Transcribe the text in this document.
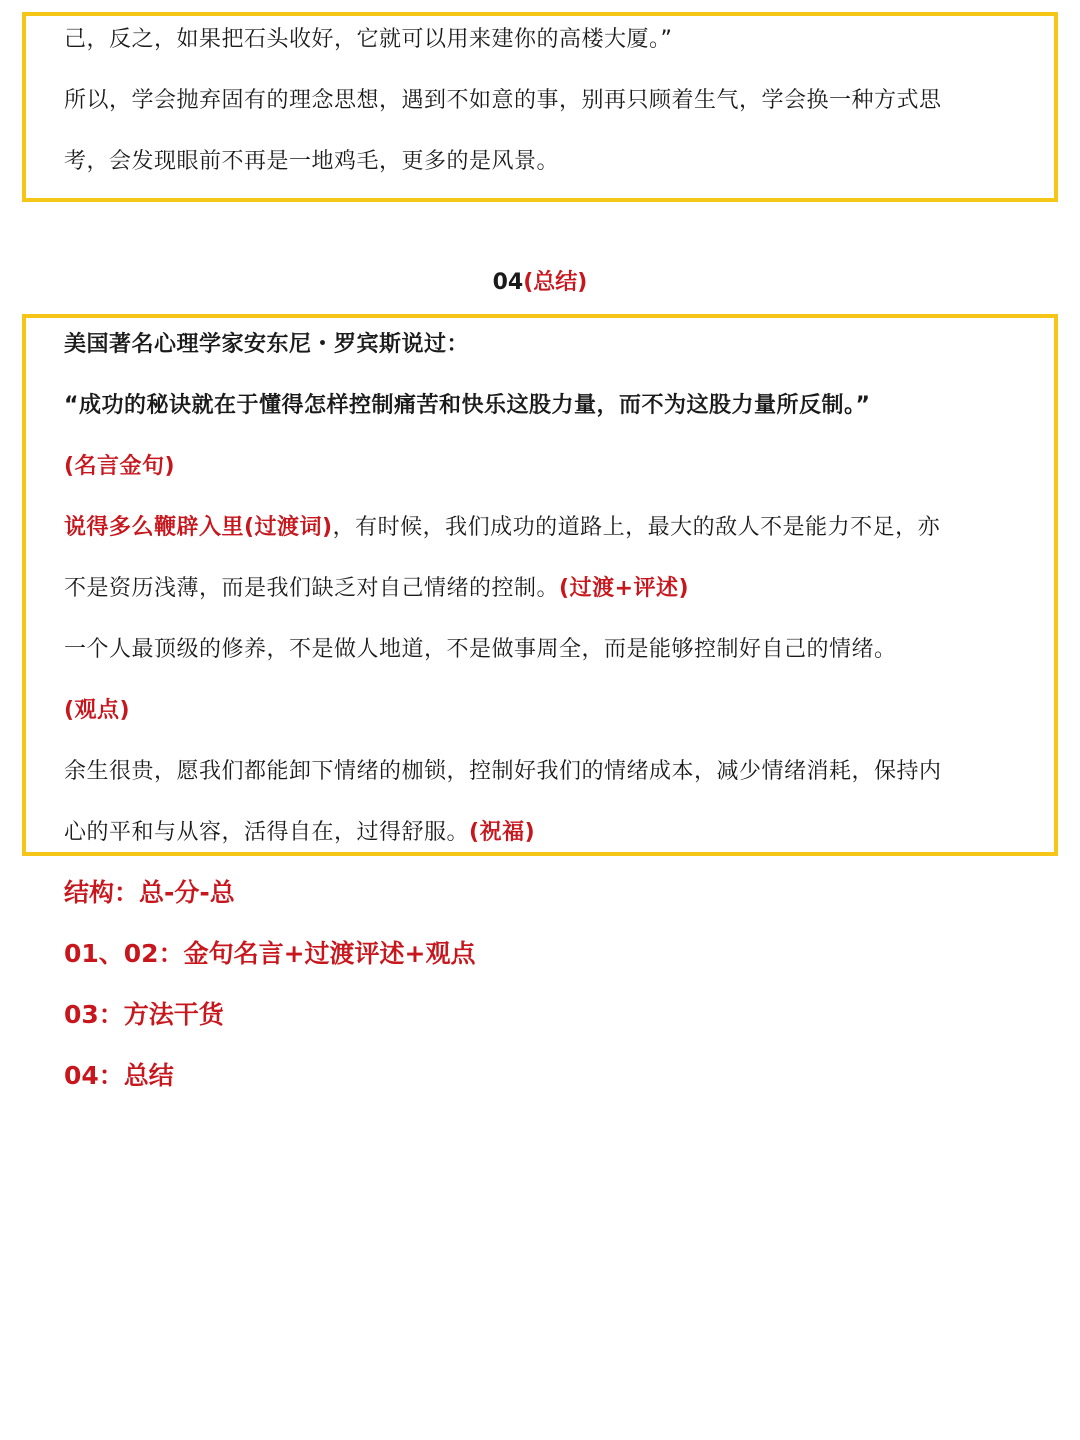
己，反之，如果把石头收好，它就可以用来建你的高楼大厦。”
所以，学会抛弃固有的理念思想，遇到不如意的事，别再只顾着生气，学会换一种方式思
考，会发现眼前不再是一地鸡毛，更多的是风景。
04(总结)
美国著名心理学家安东尼・罗宾斯说过：
“成功的秘诀就在于懂得怎样控制痛苦和快乐这股力量，而不为这股力量所反制。”
(名言金句)
说得多么鞭辟入里(过渡词)，有时候，我们成功的道路上，最大的敌人不是能力不足，亦
不是资历浅薄，而是我们缺乏对自己情绪的控制。(过渡+评述)
一个人最顶级的修养，不是做人地道，不是做事周全，而是能够控制好自己的情绪。
(观点)
余生很贵，愿我们都能卸下情绪的枷锁，控制好我们的情绪成本，减少情绪消耗，保持内
心的平和与从容，活得自在，过得舒服。(祝福)
结构：总-分-总
01、02：金句名言+过渡评述+观点
03：方法干货
04：总结
